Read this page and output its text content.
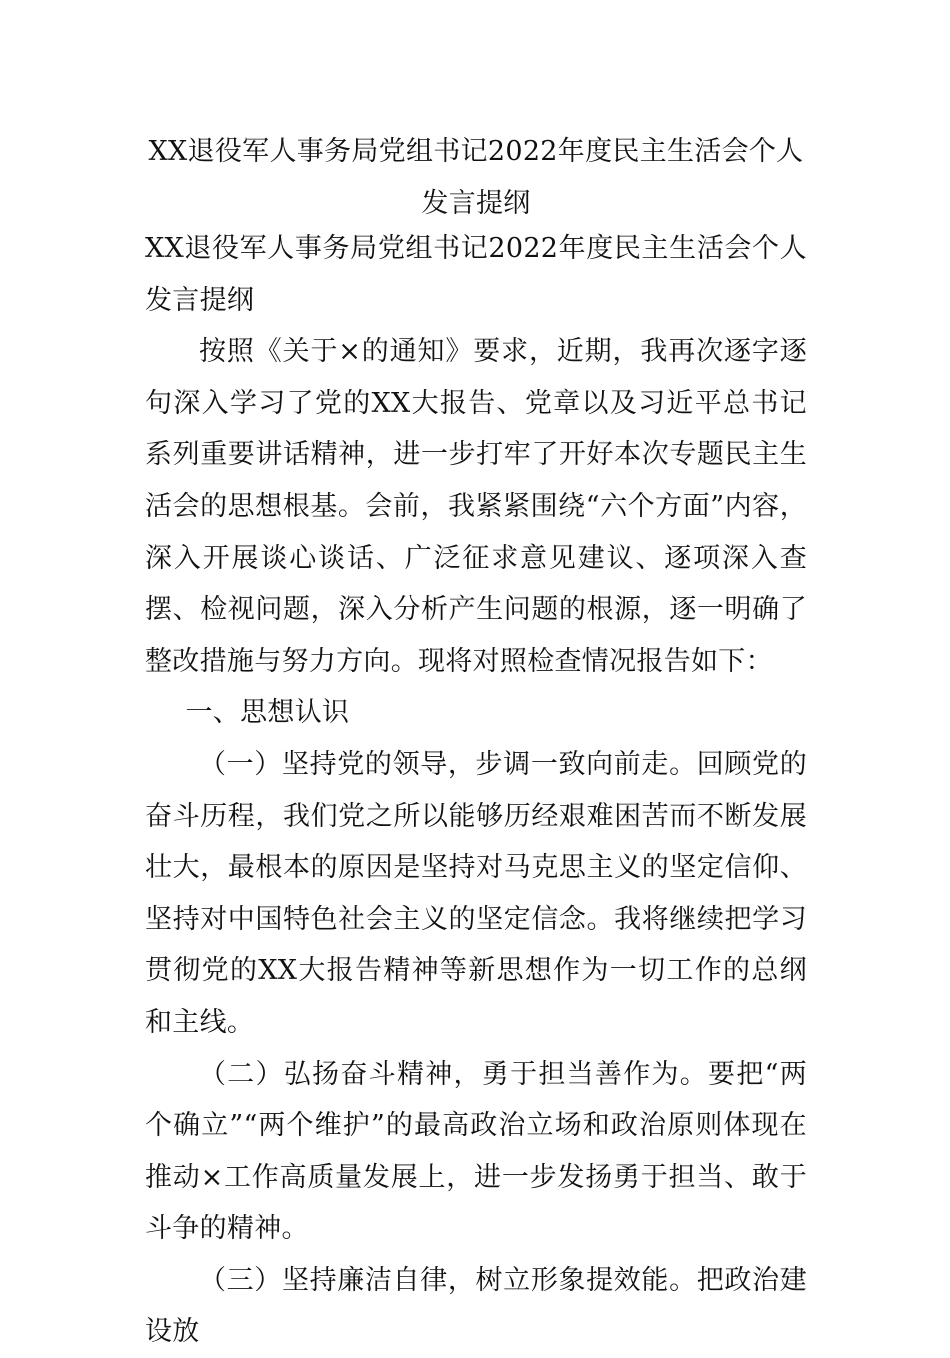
XX退役军人事务局党组书记2022年度民主生活会个人发言提纲

XX退役军人事务局党组书记2022年度民主生活会个人发言提纲

按照《关于×的通知》要求，近期，我再次逐字逐句深入学习了党的XX大报告、党章以及习近平总书记系列重要讲话精神，进一步打牢了开好本次专题民主生活会的思想根基。会前，我紧紧围绕“六个方面”内容，深入开展谈心谈话、广泛征求意见建议、逐项深入查摆、检视问题，深入分析产生问题的根源，逐一明确了整改措施与努力方向。现将对照检查情况报告如下：

一、思想认识

（一）坚持党的领导，步调一致向前走。回顾党的奋斗历程，我们党之所以能够历经艰难困苦而不断发展壮大，最根本的原因是坚持对马克思主义的坚定信仰、坚持对中国特色社会主义的坚定信念。我将继续把学习贯彻党的XX大报告精神等新思想作为一切工作的总纲和主线。

（二）弘扬奋斗精神，勇于担当善作为。要把“两个确立”“两个维护”的最高政治立场和政治原则体现在推动×工作高质量发展上，进一步发扬勇于担当、敢于斗争的精神。

（三）坚持廉洁自律，树立形象提效能。把政治建设放
